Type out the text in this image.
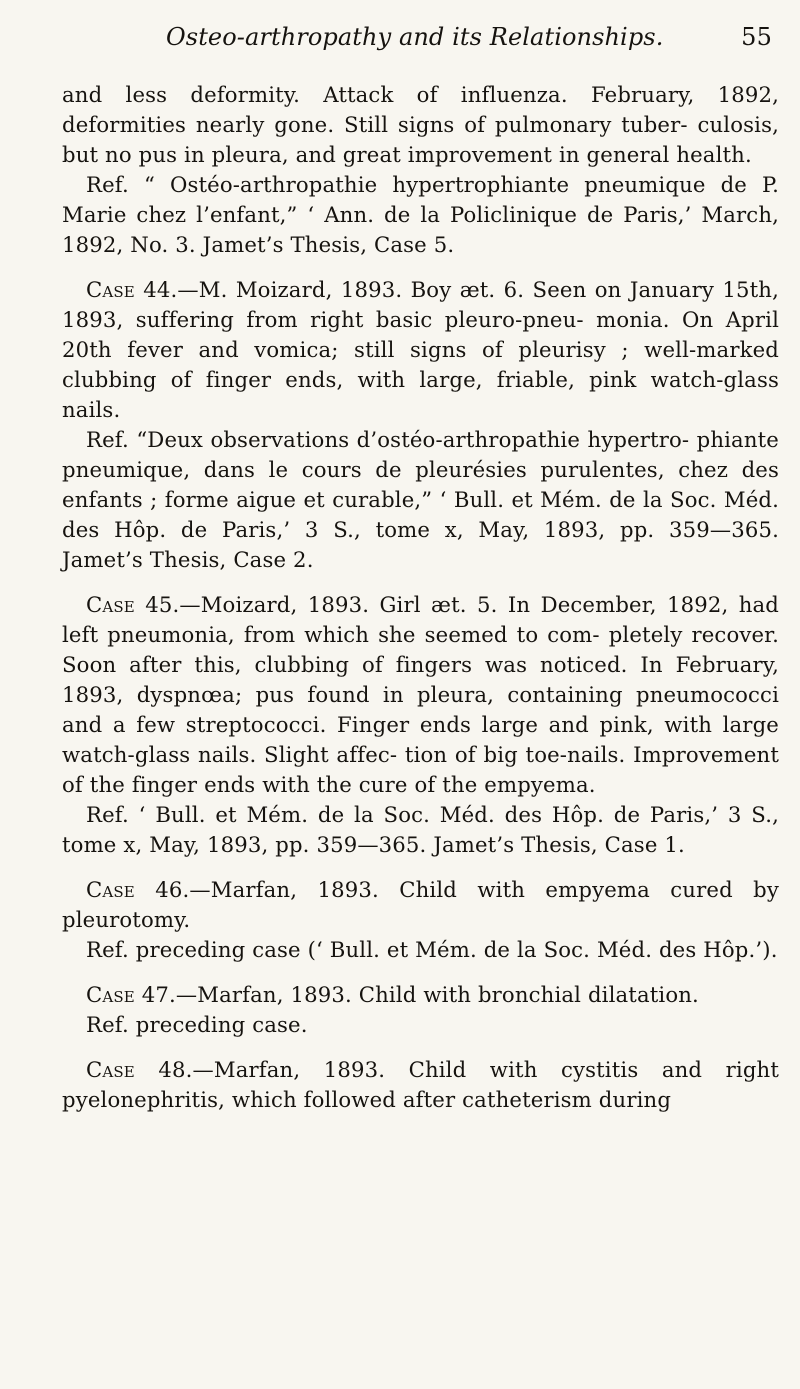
Osteo-arthropathy and its Relationships.	55

and less deformity. Attack of influenza. February, 1892, deformities nearly gone. Still signs of pulmonary tuber- culosis, but no pus in pleura, and great improvement in general health.

Ref. “ Ostéo-arthropathie hypertrophiante pneumique de P. Marie chez l’enfant,” ‘ Ann. de la Policlinique de Paris,’ March, 1892, No. 3. Jamet’s Thesis, Case 5.

Case 44.—M. Moizard, 1893. Boy æt. 6. Seen on January 15th, 1893, suffering from right basic pleuro-pneu- monia. On April 20th fever and vomica; still signs of pleurisy ; well-marked clubbing of finger ends, with large, friable, pink watch-glass nails.

Ref. “Deux observations d’ostéo-arthropathie hypertro- phiante pneumique, dans le cours de pleurésies purulentes, chez des enfants ; forme aigue et curable,” ‘ Bull. et Mém. de la Soc. Méd. des Hôp. de Paris,’ 3 S., tome x, May, 1893, pp. 359—365. Jamet’s Thesis, Case 2.

Case 45.—Moizard, 1893. Girl æt. 5. In December, 1892, had left pneumonia, from which she seemed to com- pletely recover. Soon after this, clubbing of fingers was noticed. In February, 1893, dyspnœa; pus found in pleura, containing pneumococci and a few streptococci. Finger ends large and pink, with large watch-glass nails. Slight affec- tion of big toe-nails. Improvement of the finger ends with the cure of the empyema.

Ref. ‘ Bull. et Mém. de la Soc. Méd. des Hôp. de Paris,’ 3 S., tome x, May, 1893, pp. 359—365. Jamet’s Thesis, Case 1.

Case 46.—Marfan, 1893. Child with empyema cured by pleurotomy.

Ref. preceding case (‘ Bull. et Mém. de la Soc. Méd. des Hôp.’).

Case 47.—Marfan, 1893. Child with bronchial dilatation.

Ref. preceding case.

Case 48.—Marfan, 1893. Child with cystitis and right pyelonephritis, which followed after catheterism during
